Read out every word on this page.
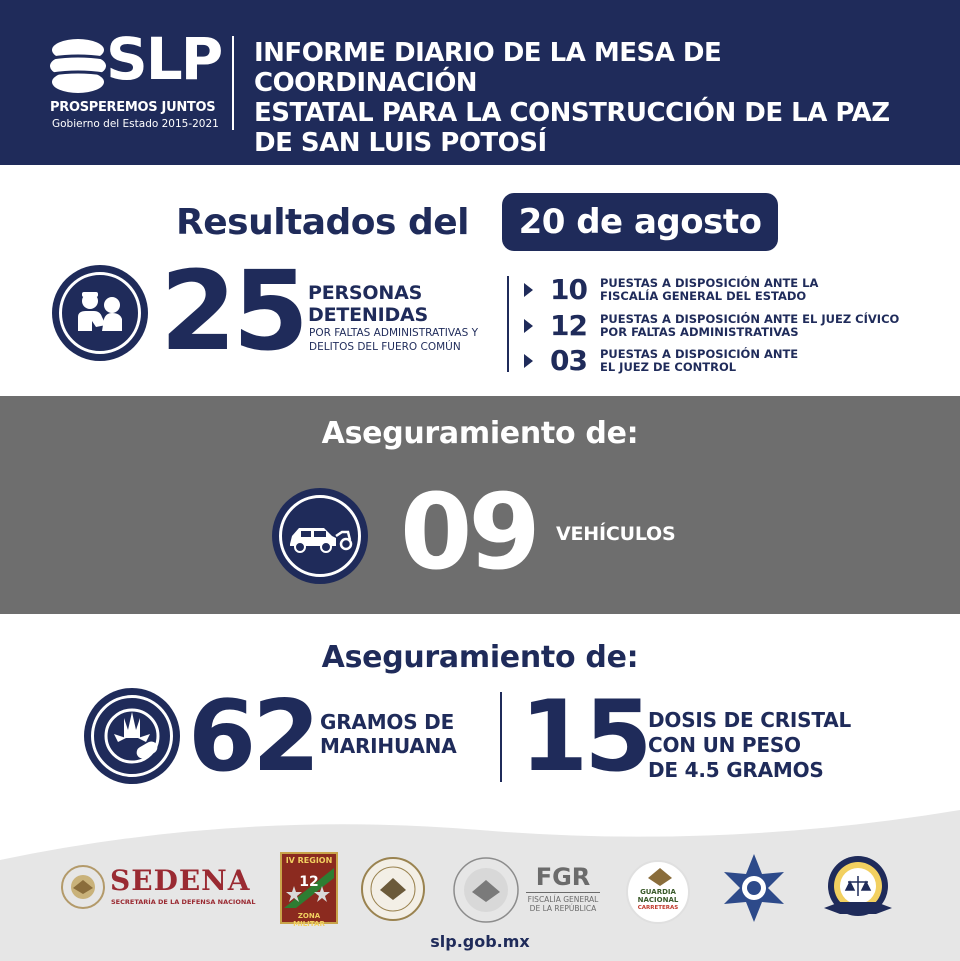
SLP
PROSPEREMOS JUNTOS
Gobierno del Estado 2015-2021
INFORME DIARIO DE LA MESA DE COORDINACIÓN
ESTATAL PARA LA CONSTRUCCIÓN DE LA PAZ
DE SAN LUIS POTOSÍ
Resultados del	20 de agosto
25 PERSONAS
DETENIDAS
POR FALTAS ADMINISTRATIVAS Y
DELITOS DEL FUERO COMÚN
10 PUESTAS A DISPOSICIÓN ANTE LA
FISCALÍA GENERAL DEL ESTADO
12 PUESTAS A DISPOSICIÓN ANTE EL JUEZ CÍVICO
POR FALTAS ADMINISTRATIVAS
03 PUESTAS A DISPOSICIÓN ANTE
EL JUEZ DE CONTROL
Aseguramiento de:
09 VEHÍCULOS
Aseguramiento de:
62 GRAMOS DE
MARIHUANA 15 DOSIS DE CRISTAL
CON UN PESO
DE 4.5 GRAMOS
SEDENA
SECRETARÍA DE LA DEFENSA NACIONAL
IV REGION
12
ZONA MILITAR
FGR
FISCALÍA GENERAL
DE LA REPÚBLICA
GUARDIA
NACIONAL
CARRETERAS
slp.gob.mx
